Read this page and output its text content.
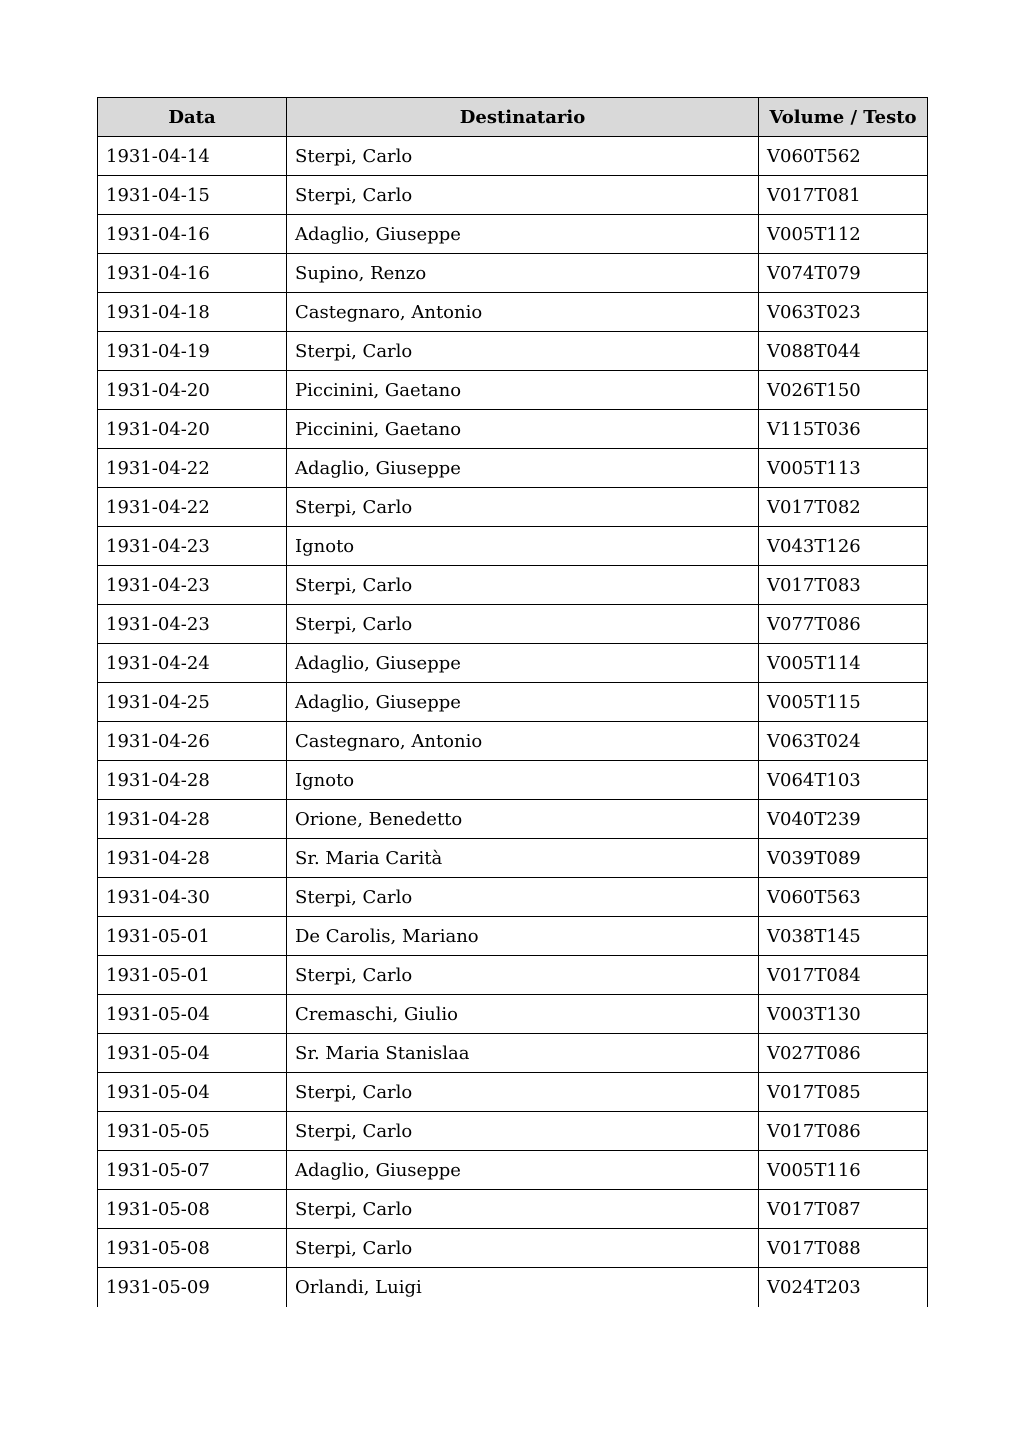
Data	Destinatario	Volume / Testo
1931-04-14	Sterpi, Carlo	V060T562
1931-04-15	Sterpi, Carlo	V017T081
1931-04-16	Adaglio, Giuseppe	V005T112
1931-04-16	Supino, Renzo	V074T079
1931-04-18	Castegnaro, Antonio	V063T023
1931-04-19	Sterpi, Carlo	V088T044
1931-04-20	Piccinini, Gaetano	V026T150
1931-04-20	Piccinini, Gaetano	V115T036
1931-04-22	Adaglio, Giuseppe	V005T113
1931-04-22	Sterpi, Carlo	V017T082
1931-04-23	Ignoto	V043T126
1931-04-23	Sterpi, Carlo	V017T083
1931-04-23	Sterpi, Carlo	V077T086
1931-04-24	Adaglio, Giuseppe	V005T114
1931-04-25	Adaglio, Giuseppe	V005T115
1931-04-26	Castegnaro, Antonio	V063T024
1931-04-28	Ignoto	V064T103
1931-04-28	Orione, Benedetto	V040T239
1931-04-28	Sr. Maria Carità	V039T089
1931-04-30	Sterpi, Carlo	V060T563
1931-05-01	De Carolis, Mariano	V038T145
1931-05-01	Sterpi, Carlo	V017T084
1931-05-04	Cremaschi, Giulio	V003T130
1931-05-04	Sr. Maria Stanislaa	V027T086
1931-05-04	Sterpi, Carlo	V017T085
1931-05-05	Sterpi, Carlo	V017T086
1931-05-07	Adaglio, Giuseppe	V005T116
1931-05-08	Sterpi, Carlo	V017T087
1931-05-08	Sterpi, Carlo	V017T088
1931-05-09	Orlandi, Luigi	V024T203
